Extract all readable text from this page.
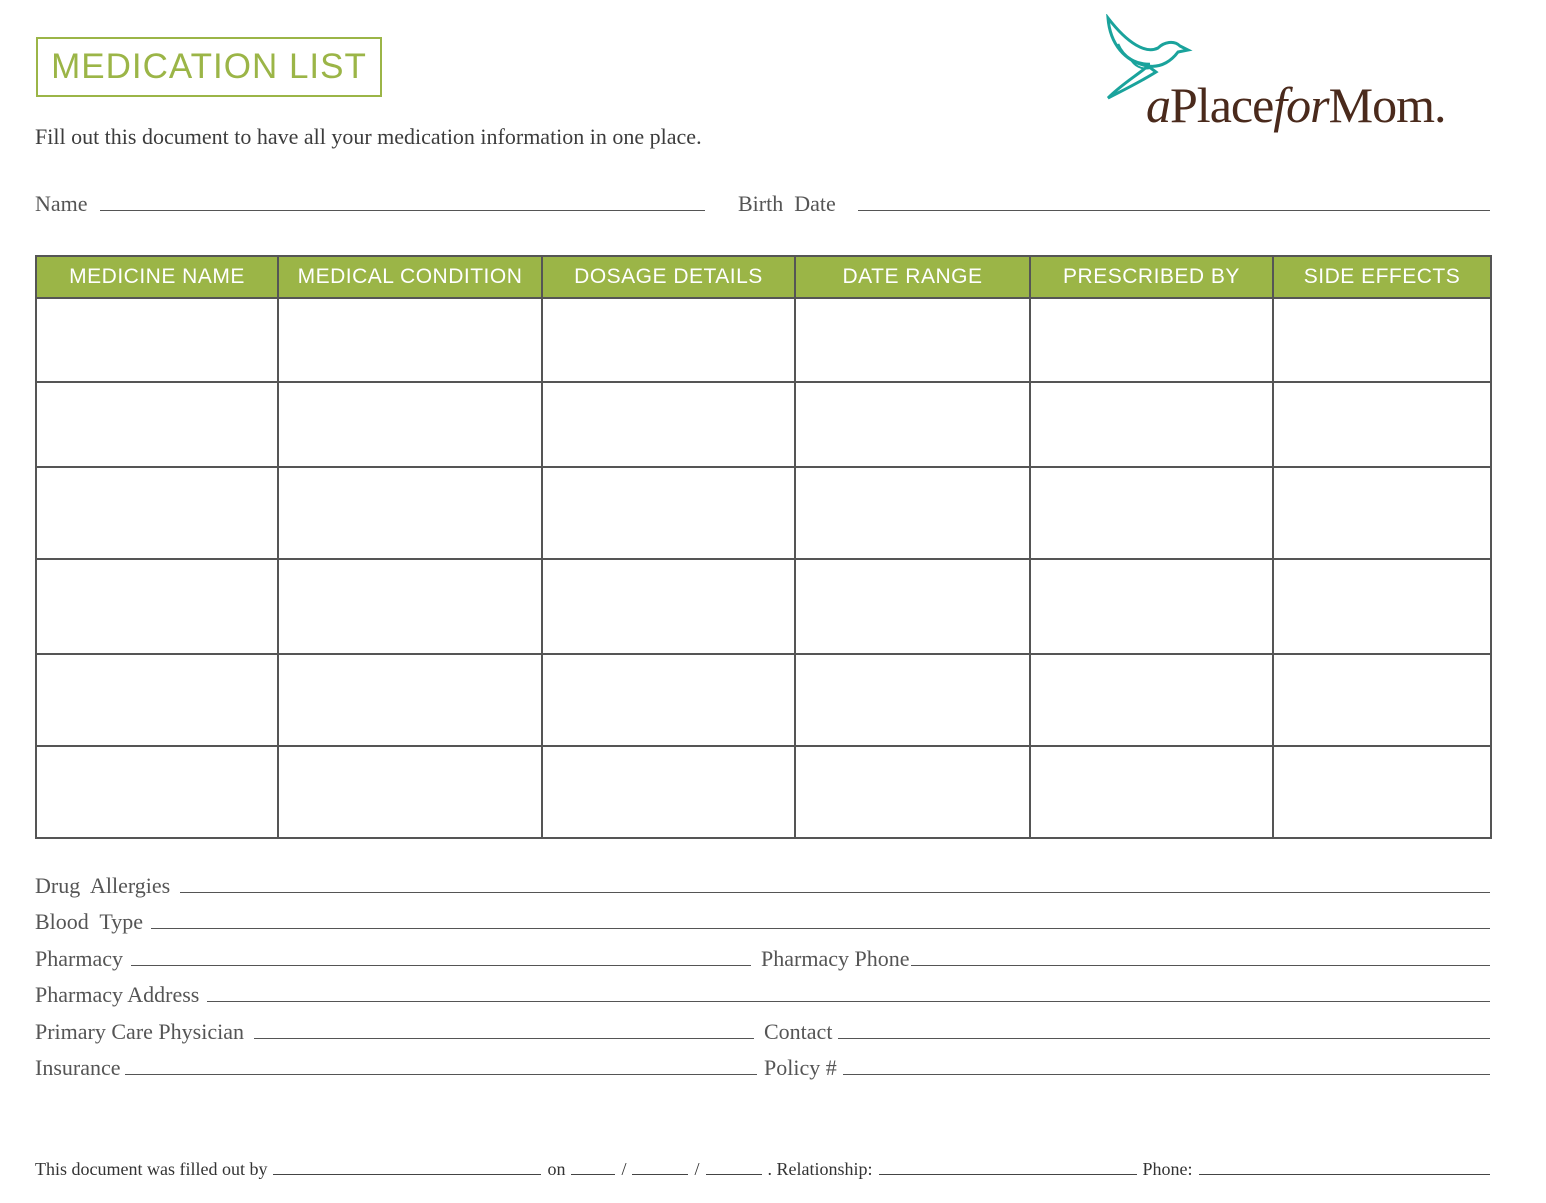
MEDICATION LIST
Fill out this document to have all your medication information in one place.
aPlaceforMom.
Name	Birth  Date
MEDICINE NAME	MEDICAL CONDITION	DOSAGE DETAILS	DATE RANGE	PRESCRIBED BY	SIDE EFFECTS

Drug  Allergies
Blood  Type
Pharmacy	Pharmacy Phone
Pharmacy Address
Primary Care Physician	Contact
Insurance	Policy #
This document was filled out by	on	/	/	. Relationship:	Phone:
